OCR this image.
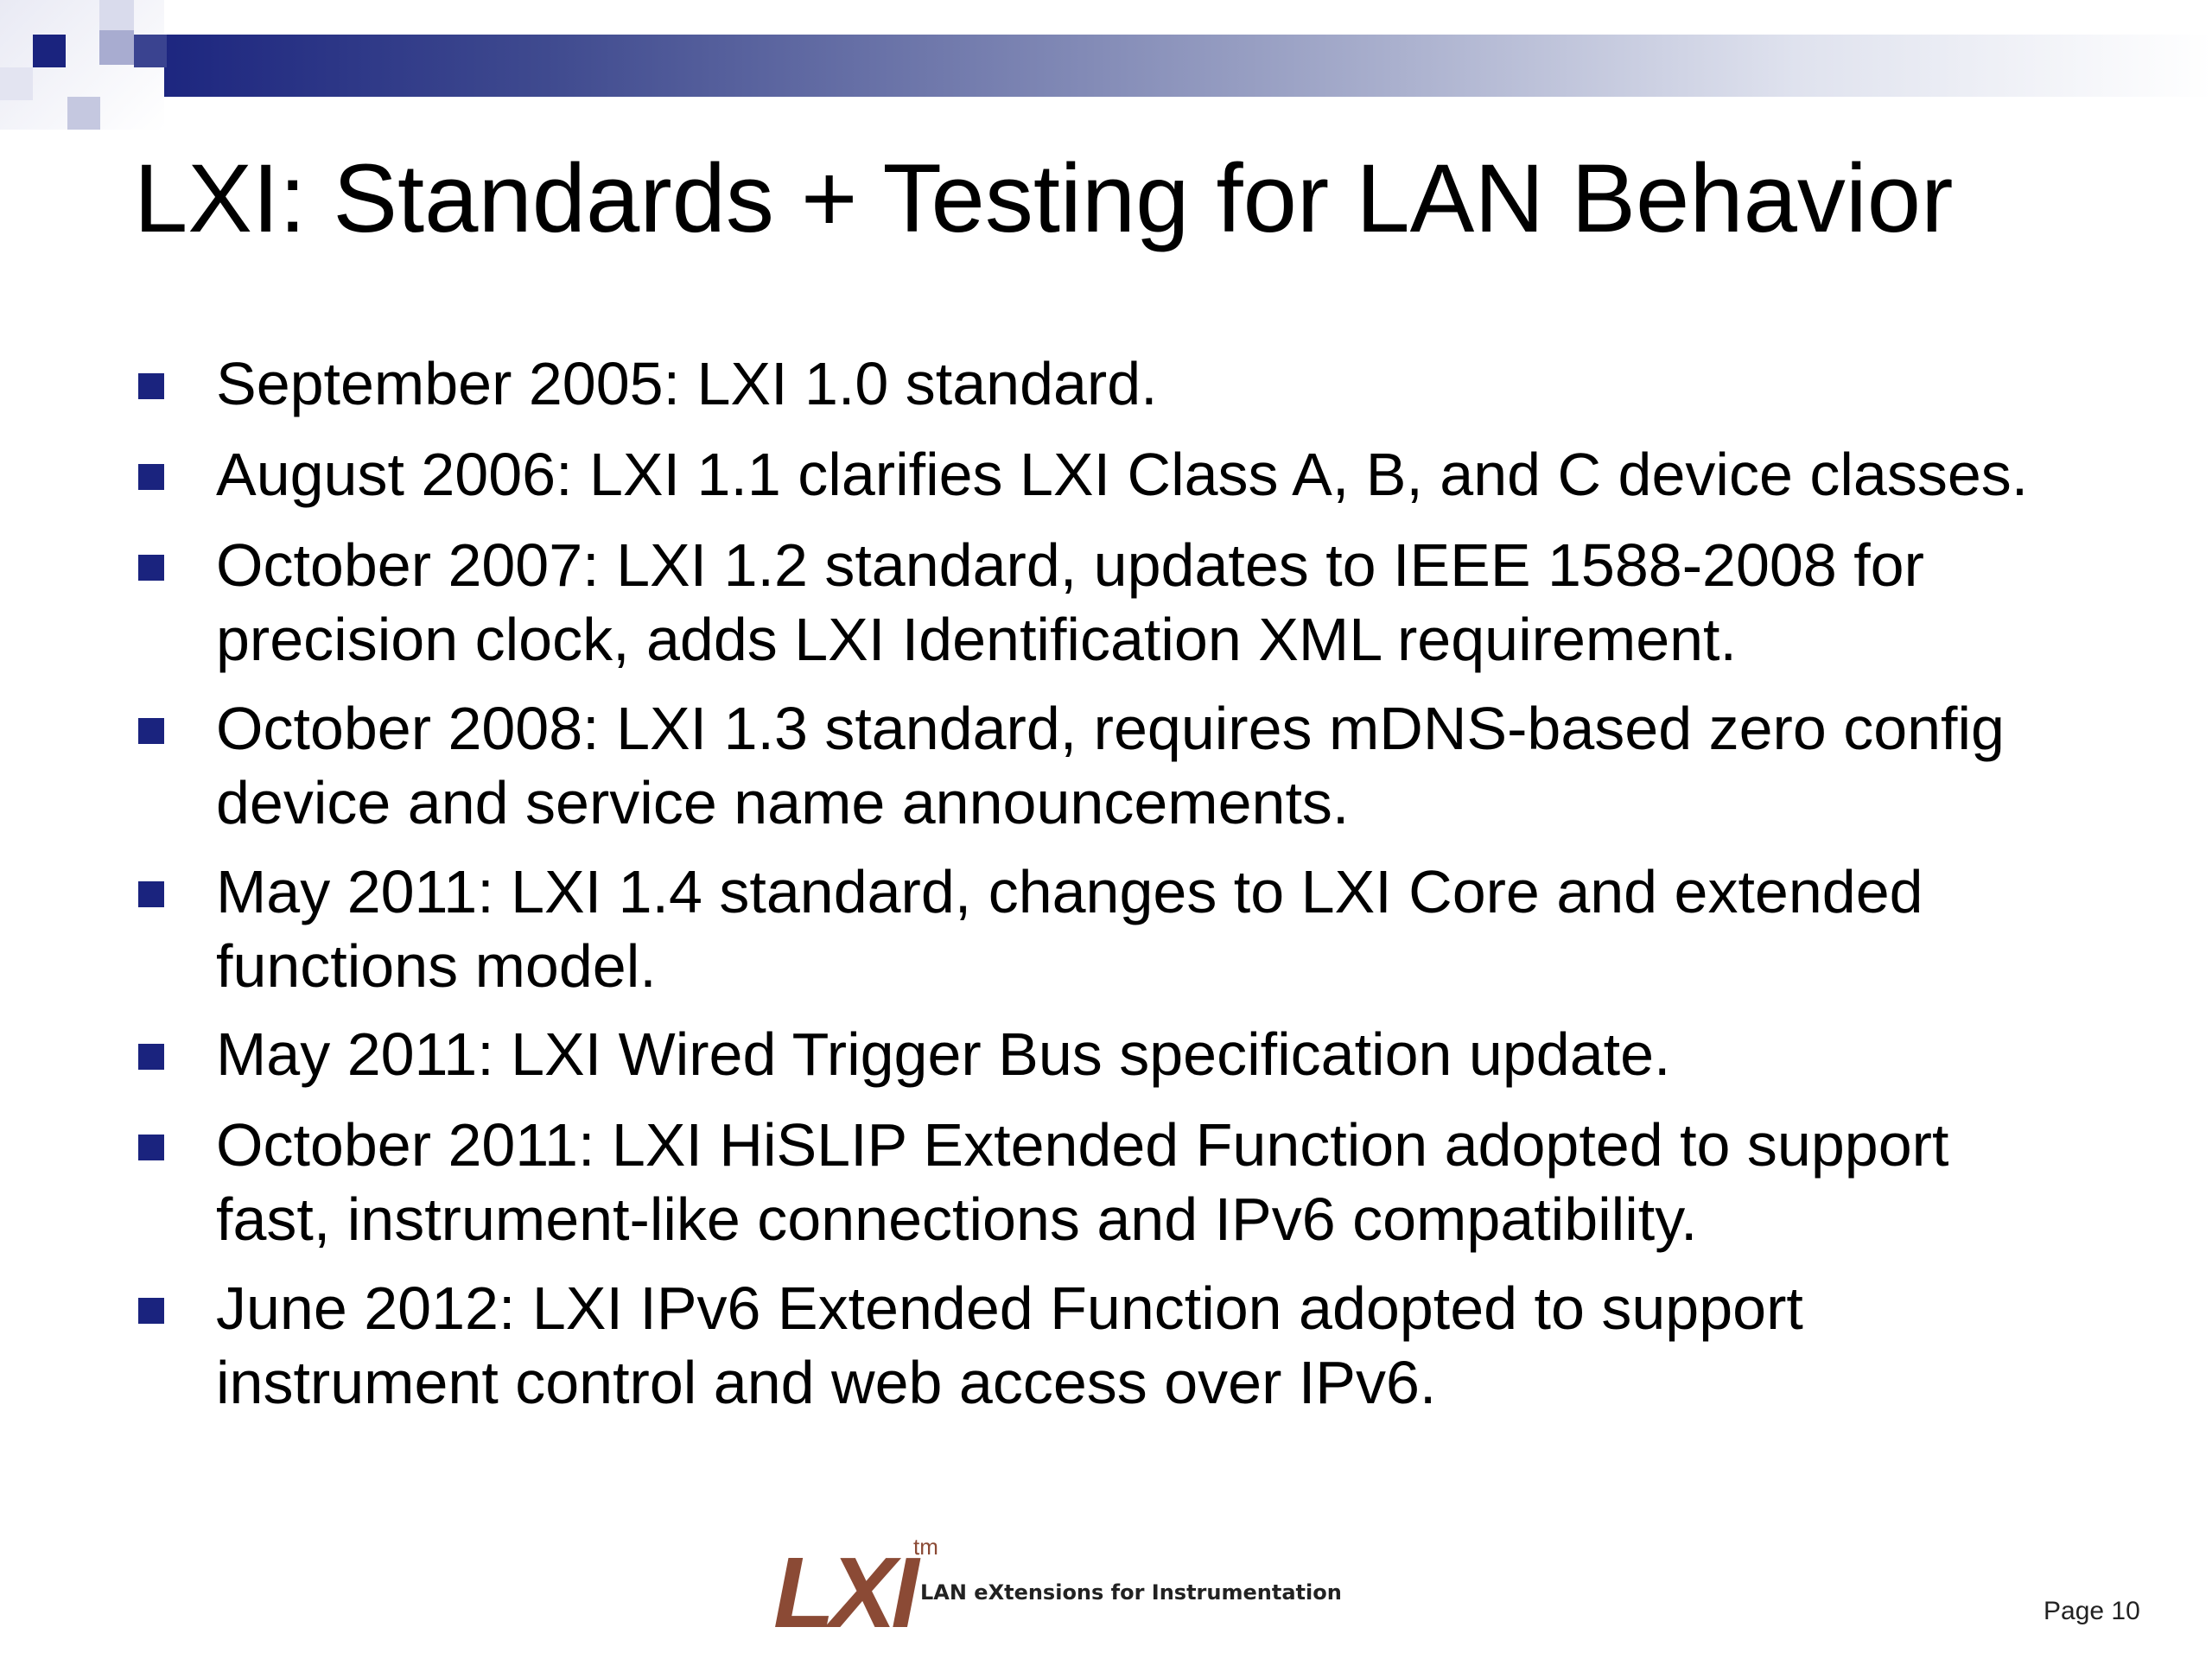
LXI: Standards + Testing for LAN Behavior
September 2005: LXI 1.0 standard.
August 2006: LXI 1.1 clarifies LXI Class A, B, and C device classes.
October 2007: LXI 1.2 standard, updates to IEEE 1588-2008 for
precision clock, adds LXI Identification XML requirement.
October 2008: LXI 1.3 standard, requires mDNS-based zero config
device and service name announcements.
May 2011: LXI 1.4 standard, changes to LXI Core and extended
functions model.
May 2011: LXI Wired Trigger Bus specification update.
October 2011: LXI HiSLIP Extended Function adopted to support
fast, instrument-like connections and IPv6 compatibility.
June 2012: LXI IPv6 Extended Function adopted to support
instrument control and web access over IPv6.
LXI tm
LAN eXtensions for Instrumentation
Page 10
